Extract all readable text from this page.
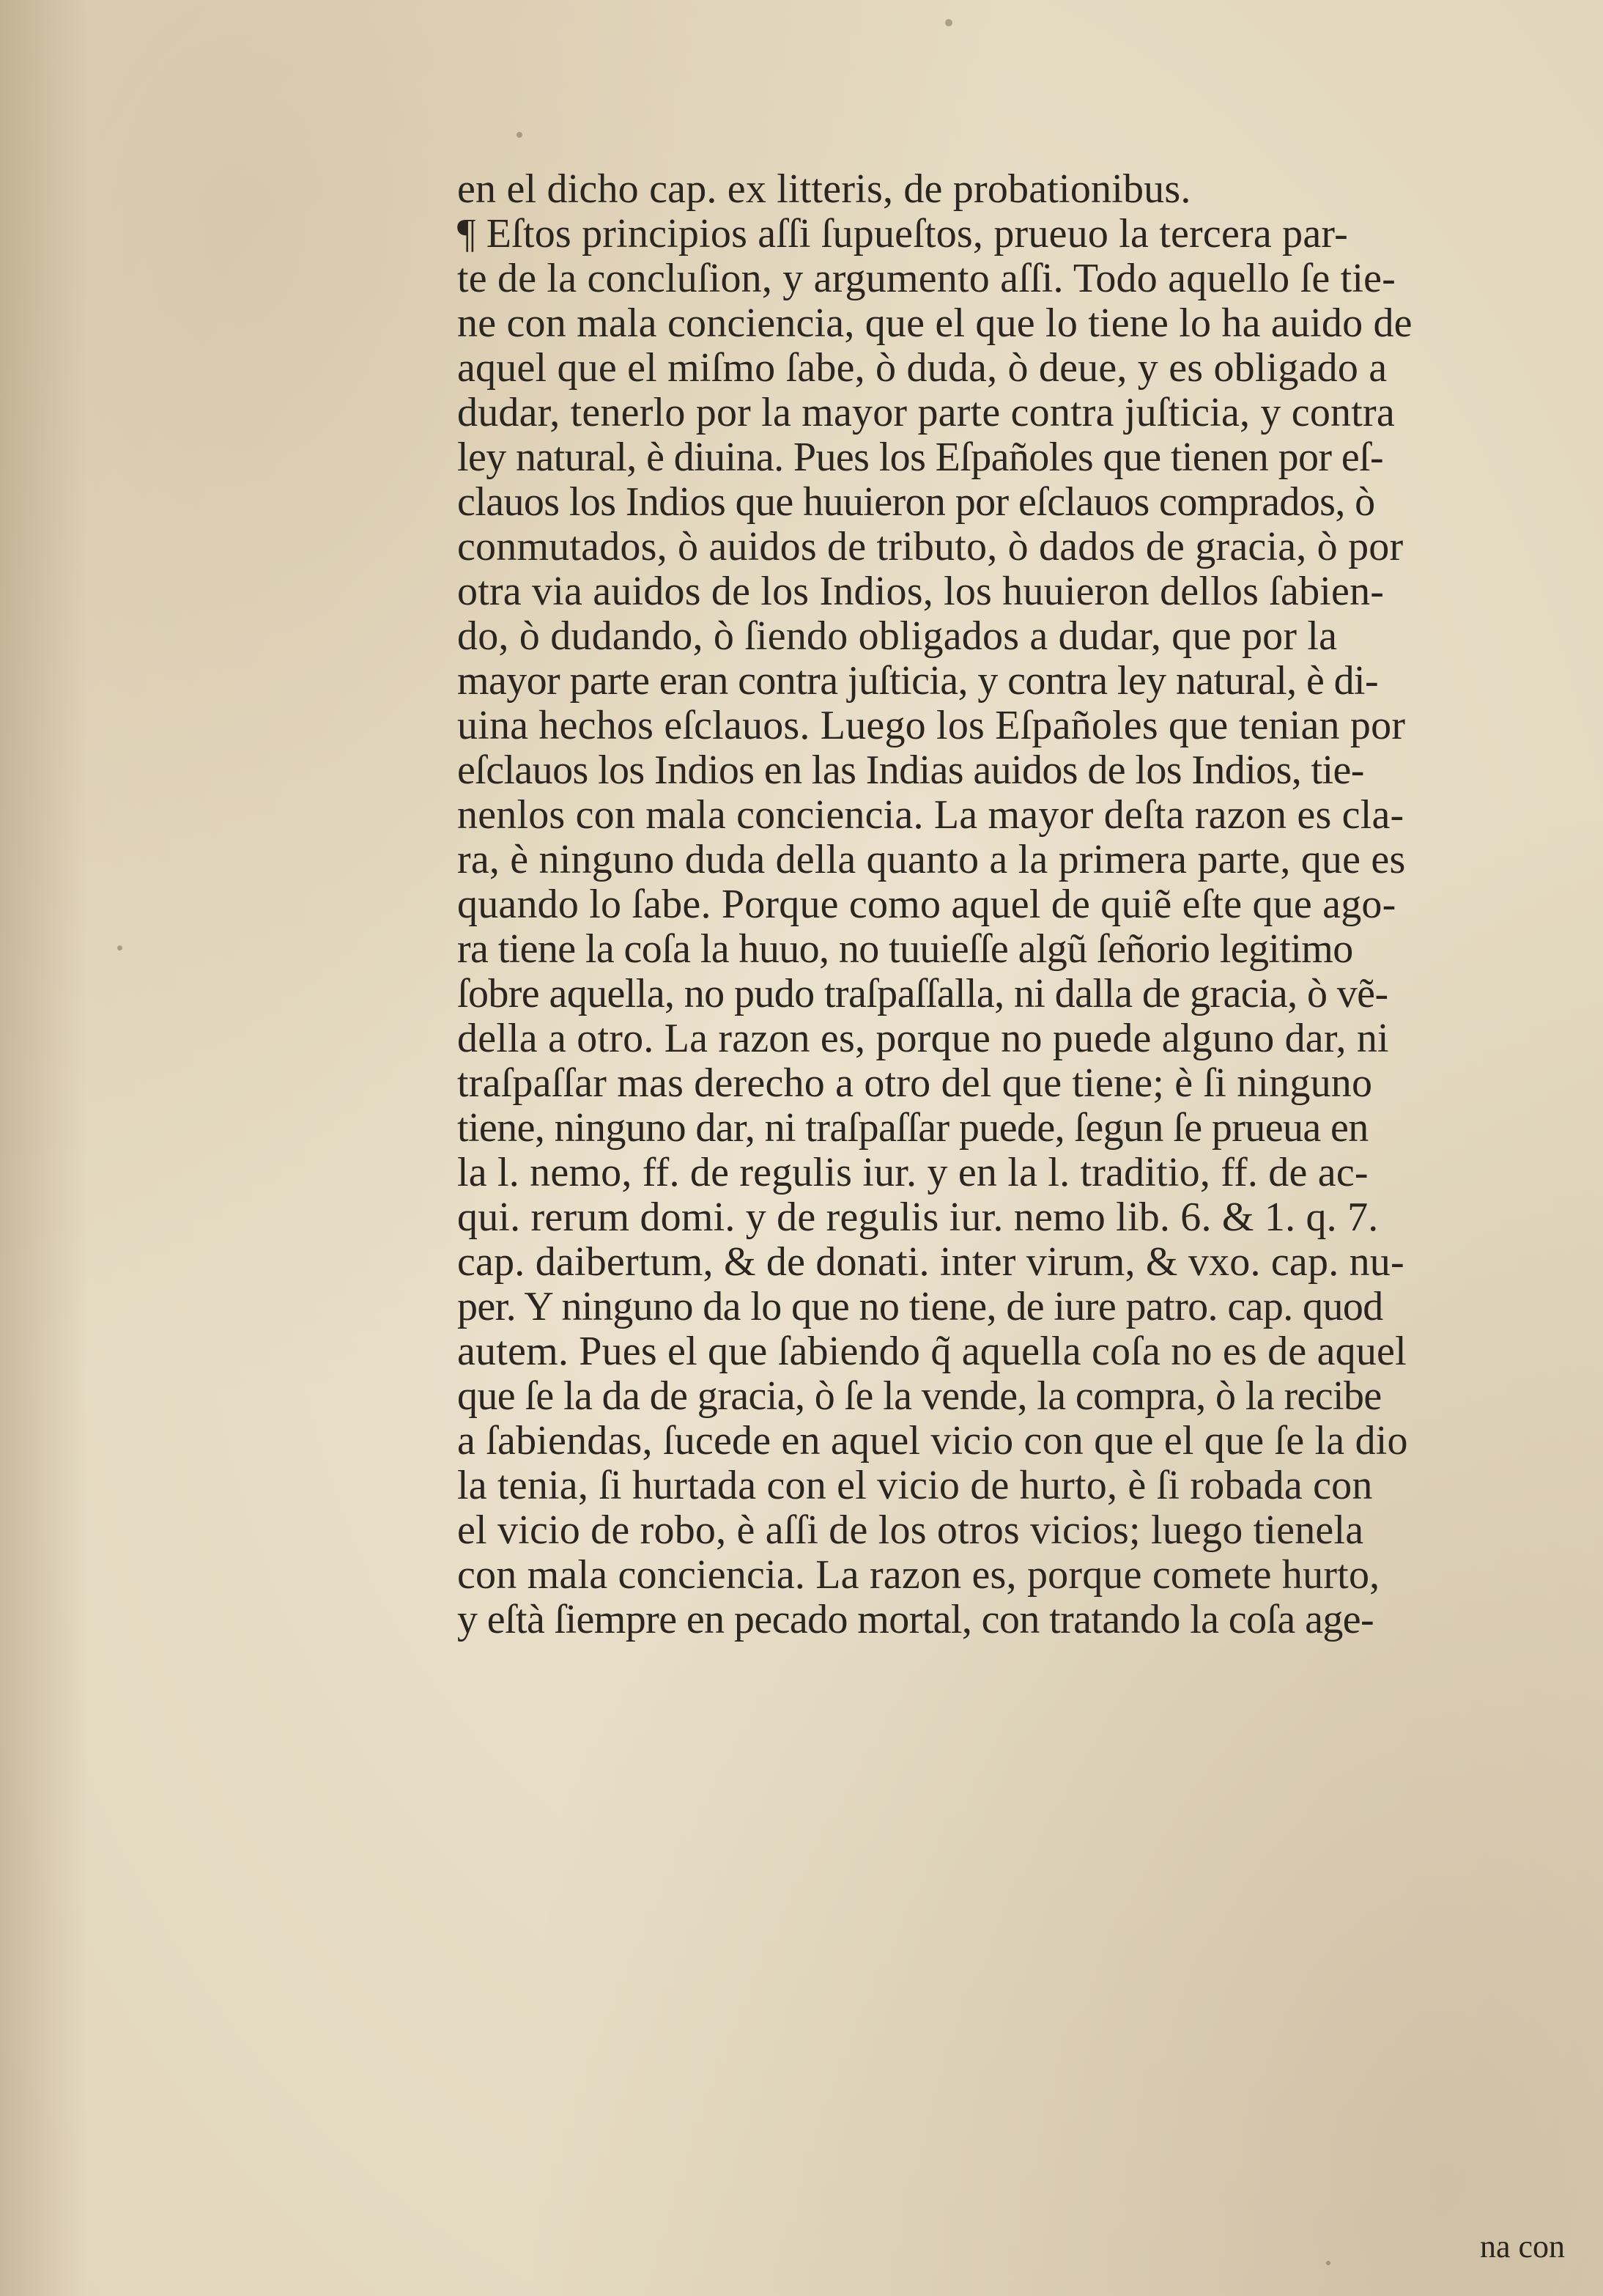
en el dicho cap. ex litteris, de probationibus.
¶ Eſtos principios aſſi ſupueſtos, prueuo la tercera par-
te de la concluſion, y argumento aſſi. Todo aquello ſe tie-
ne con mala conciencia, que el que lo tiene lo ha auido de
aquel que el miſmo ſabe, ò duda, ò deue, y es obligado a
dudar, tenerlo por la mayor parte contra juſticia, y contra
ley natural, è diuina. Pues los Eſpañoles que tienen por eſ-
clauos los Indios que huuieron por eſclauos comprados, ò
conmutados, ò auidos de tributo, ò dados de gracia, ò por
otra via auidos de los Indios, los huuieron dellos ſabien-
do, ò dudando, ò ſiendo obligados a dudar, que por la
mayor parte eran contra juſticia, y contra ley natural, è di-
uina hechos eſclauos. Luego los Eſpañoles que tenian por
eſclauos los Indios en las Indias auidos de los Indios, tie-
nenlos con mala conciencia. La mayor deſta razon es cla-
ra, è ninguno duda della quanto a la primera parte, que es
quando lo ſabe. Porque como aquel de quiẽ eſte que ago-
ra tiene la coſa la huuo, no tuuieſſe algũ ſeñorio legitimo
ſobre aquella, no pudo traſpaſſalla, ni dalla de gracia, ò vẽ-
della a otro. La razon es, porque no puede alguno dar, ni
traſpaſſar mas derecho a otro del que tiene; è ſi ninguno
tiene, ninguno dar, ni traſpaſſar puede, ſegun ſe prueua en
la l. nemo, ff. de regulis iur. y en la l. traditio, ff. de ac-
qui. rerum domi. y de regulis iur. nemo lib. 6. & 1. q. 7.
cap. daibertum, & de donati. inter virum, & vxo. cap. nu-
per. Y ninguno da lo que no tiene, de iure patro. cap. quod
autem. Pues el que ſabiendo q̃ aquella coſa no es de aquel
que ſe la da de gracia, ò ſe la vende, la compra, ò la recibe
a ſabiendas, ſucede en aquel vicio con que el que ſe la dio
la tenia, ſi hurtada con el vicio de hurto, è ſi robada con
el vicio de robo, è aſſi de los otros vicios; luego tienela
con mala conciencia. La razon es, porque comete hurto,
y eſtà ſiempre en pecado mortal, con tratando la coſa age-
na con
